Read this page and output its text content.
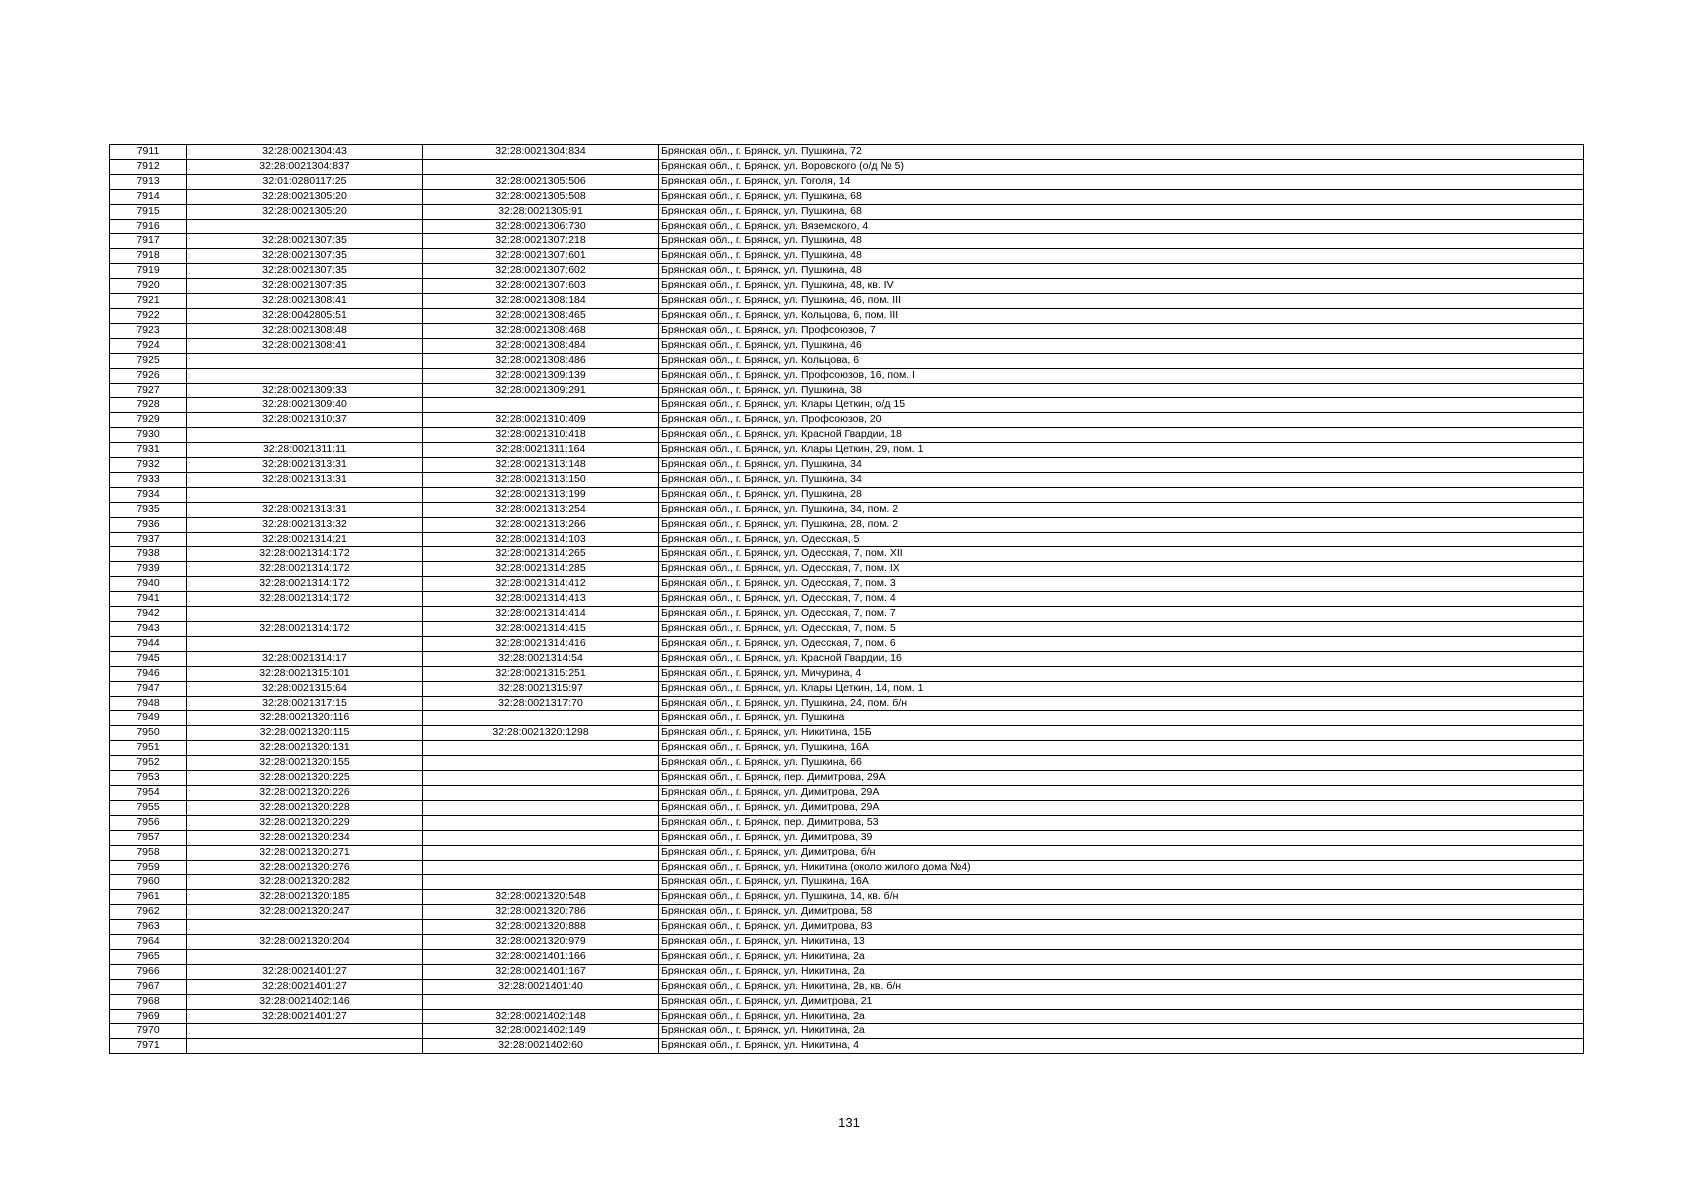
7911	32:28:0021304:43	32:28:0021304:834	Брянская обл., г. Брянск, ул. Пушкина, 72
7912	32:28:0021304:837		Брянская обл., г. Брянск, ул. Воровского (о/д № 5)
7913	32:01:0280117:25	32:28:0021305:506	Брянская обл., г. Брянск, ул. Гоголя, 14
7914	32:28:0021305:20	32:28:0021305:508	Брянская обл., г. Брянск, ул. Пушкина, 68
7915	32:28:0021305:20	32:28:0021305:91	Брянская обл., г. Брянск, ул. Пушкина, 68
7916		32:28:0021306:730	Брянская обл., г. Брянск, ул. Вяземского, 4
7917	32:28:0021307:35	32:28:0021307:218	Брянская обл., г. Брянск, ул. Пушкина, 48
7918	32:28:0021307:35	32:28:0021307:601	Брянская обл., г. Брянск, ул. Пушкина, 48
7919	32:28:0021307:35	32:28:0021307:602	Брянская обл., г. Брянск, ул. Пушкина, 48
7920	32:28:0021307:35	32:28:0021307:603	Брянская обл., г. Брянск, ул. Пушкина, 48, кв. IV
7921	32:28:0021308:41	32:28:0021308:184	Брянская обл., г. Брянск, ул. Пушкина, 46, пом. III
7922	32:28:0042805:51	32:28:0021308:465	Брянская обл., г. Брянск, ул. Кольцова, 6, пом. III
7923	32:28:0021308:48	32:28:0021308:468	Брянская обл., г. Брянск, ул. Профсоюзов, 7
7924	32:28:0021308:41	32:28:0021308:484	Брянская обл., г. Брянск, ул. Пушкина, 46
7925		32:28:0021308:486	Брянская обл., г. Брянск, ул. Кольцова, 6
7926		32:28:0021309:139	Брянская обл., г. Брянск, ул. Профсоюзов, 16, пом. I
7927	32:28:0021309:33	32:28:0021309:291	Брянская обл., г. Брянск, ул. Пушкина, 38
7928	32:28:0021309:40		Брянская обл., г. Брянск, ул. Клары Цеткин, о/д 15
7929	32:28:0021310:37	32:28:0021310:409	Брянская обл., г. Брянск, ул. Профсоюзов, 20
7930		32:28:0021310:418	Брянская обл., г. Брянск, ул. Красной Гвардии, 18
7931	32:28:0021311:11	32:28:0021311:164	Брянская обл., г. Брянск, ул. Клары Цеткин, 29, пом. 1
7932	32:28:0021313:31	32:28:0021313:148	Брянская обл., г. Брянск, ул. Пушкина, 34
7933	32:28:0021313:31	32:28:0021313:150	Брянская обл., г. Брянск, ул. Пушкина, 34
7934		32:28:0021313:199	Брянская обл., г. Брянск, ул. Пушкина, 28
7935	32:28:0021313:31	32:28:0021313:254	Брянская обл., г. Брянск, ул. Пушкина, 34, пом. 2
7936	32:28:0021313:32	32:28:0021313:266	Брянская обл., г. Брянск, ул. Пушкина, 28, пом. 2
7937	32:28:0021314:21	32:28:0021314:103	Брянская обл., г. Брянск, ул. Одесская, 5
7938	32:28:0021314:172	32:28:0021314:265	Брянская обл., г. Брянск, ул. Одесская, 7, пом. XII
7939	32:28:0021314:172	32:28:0021314:285	Брянская обл., г. Брянск, ул. Одесская, 7, пом. IX
7940	32:28:0021314:172	32:28:0021314:412	Брянская обл., г. Брянск, ул. Одесская, 7, пом. 3
7941	32:28:0021314:172	32:28:0021314:413	Брянская обл., г. Брянск, ул. Одесская, 7, пом. 4
7942		32:28:0021314:414	Брянская обл., г. Брянск, ул. Одесская, 7, пом. 7
7943	32:28:0021314:172	32:28:0021314:415	Брянская обл., г. Брянск, ул. Одесская, 7, пом. 5
7944		32:28:0021314:416	Брянская обл., г. Брянск, ул. Одесская, 7, пом. 6
7945	32:28:0021314:17	32:28:0021314:54	Брянская обл., г. Брянск, ул. Красной Гвардии, 16
7946	32:28:0021315:101	32:28:0021315:251	Брянская обл., г. Брянск, ул. Мичурина, 4
7947	32:28:0021315:64	32:28:0021315:97	Брянская обл., г. Брянск, ул. Клары Цеткин, 14, пом. 1
7948	32:28:0021317:15	32:28:0021317:70	Брянская обл., г. Брянск, ул. Пушкина, 24, пом. б/н
7949	32:28:0021320:116		Брянская обл., г. Брянск, ул. Пушкина
7950	32:28:0021320:115	32:28:0021320:1298	Брянская обл., г. Брянск, ул. Никитина, 15Б
7951	32:28:0021320:131		Брянская обл., г. Брянск, ул. Пушкина, 16А
7952	32:28:0021320:155		Брянская обл., г. Брянск, ул. Пушкина, 66
7953	32:28:0021320:225		Брянская обл., г. Брянск, пер. Димитрова, 29А
7954	32:28:0021320:226		Брянская обл., г. Брянск, ул. Димитрова, 29А
7955	32:28:0021320:228		Брянская обл., г. Брянск, ул. Димитрова, 29А
7956	32:28:0021320:229		Брянская обл., г. Брянск, пер. Димитрова, 53
7957	32:28:0021320:234		Брянская обл., г. Брянск, ул. Димитрова, 39
7958	32:28:0021320:271		Брянская обл., г. Брянск, ул. Димитрова, б/н
7959	32:28:0021320:276		Брянская обл., г. Брянск, ул. Никитина (около жилого дома №4)
7960	32:28:0021320:282		Брянская обл., г. Брянск, ул. Пушкина, 16А
7961	32:28:0021320:185	32:28:0021320:548	Брянская обл., г. Брянск, ул. Пушкина, 14, кв. б/н
7962	32:28:0021320:247	32:28:0021320:786	Брянская обл., г. Брянск, ул. Димитрова, 58
7963		32:28:0021320:888	Брянская обл., г. Брянск, ул. Димитрова, 83
7964	32:28:0021320:204	32:28:0021320:979	Брянская обл., г. Брянск, ул. Никитина, 13
7965		32:28:0021401:166	Брянская обл., г. Брянск, ул. Никитина, 2а
7966	32:28:0021401:27	32:28:0021401:167	Брянская обл., г. Брянск, ул. Никитина, 2а
7967	32:28:0021401:27	32:28:0021401:40	Брянская обл., г. Брянск, ул. Никитина, 2в, кв. б/н
7968	32:28:0021402:146		Брянская обл., г. Брянск, ул. Димитрова, 21
7969	32:28:0021401:27	32:28:0021402:148	Брянская обл., г. Брянск, ул. Никитина, 2а
7970		32:28:0021402:149	Брянская обл., г. Брянск, ул. Никитина, 2а
7971		32:28:0021402:60	Брянская обл., г. Брянск, ул. Никитина, 4
131
